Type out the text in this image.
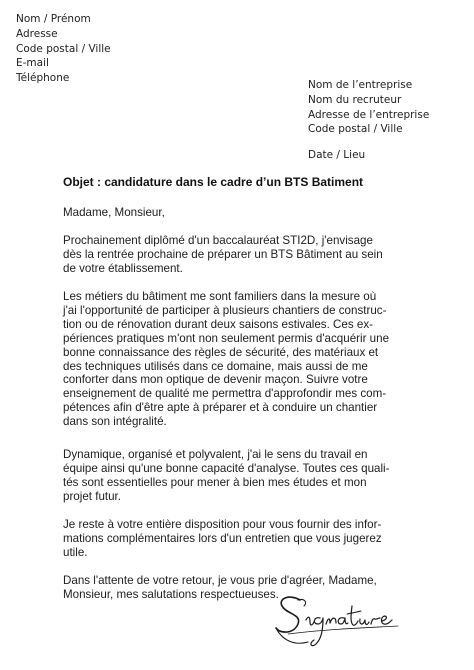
Nom / Prénom
Adresse
Code postal / Ville
E-mail
Téléphone
Nom de l’entreprise
Nom du recruteur
Adresse de l’entreprise
Code postal / Ville
Date / Lieu
Objet : candidature dans le cadre d’un BTS Batiment
Madame, Monsieur,
Prochainement diplômé d'un baccalauréat STI2D, j'envisage
dès la rentrée prochaine de préparer un BTS Bâtiment au sein
de votre établissement.
Les métiers du bâtiment me sont familiers dans la mesure où
j'ai l'opportunité de participer à plusieurs chantiers de construc-
tion ou de rénovation durant deux saisons estivales. Ces ex-
périences pratiques m'ont non seulement permis d'acquérir une
bonne connaissance des règles de sécurité, des matériaux et
des techniques utilisés dans ce domaine, mais aussi de me
conforter dans mon optique de devenir maçon. Suivre votre
enseignement de qualité me permettra d'approfondir mes com-
pétences afin d'être apte à préparer et à conduire un chantier
dans son intégralité.
Dynamique, organisé et polyvalent, j'ai le sens du travail en
équipe ainsi qu'une bonne capacité d'analyse. Toutes ces quali-
tés sont essentielles pour mener à bien mes études et mon
projet futur.
Je reste à votre entière disposition pour vous fournir des infor-
mations complémentaires lors d'un entretien que vous jugerez
utile.
Dans l'attente de votre retour, je vous prie d'agréer, Madame,
Monsieur, mes salutations respectueuses.
